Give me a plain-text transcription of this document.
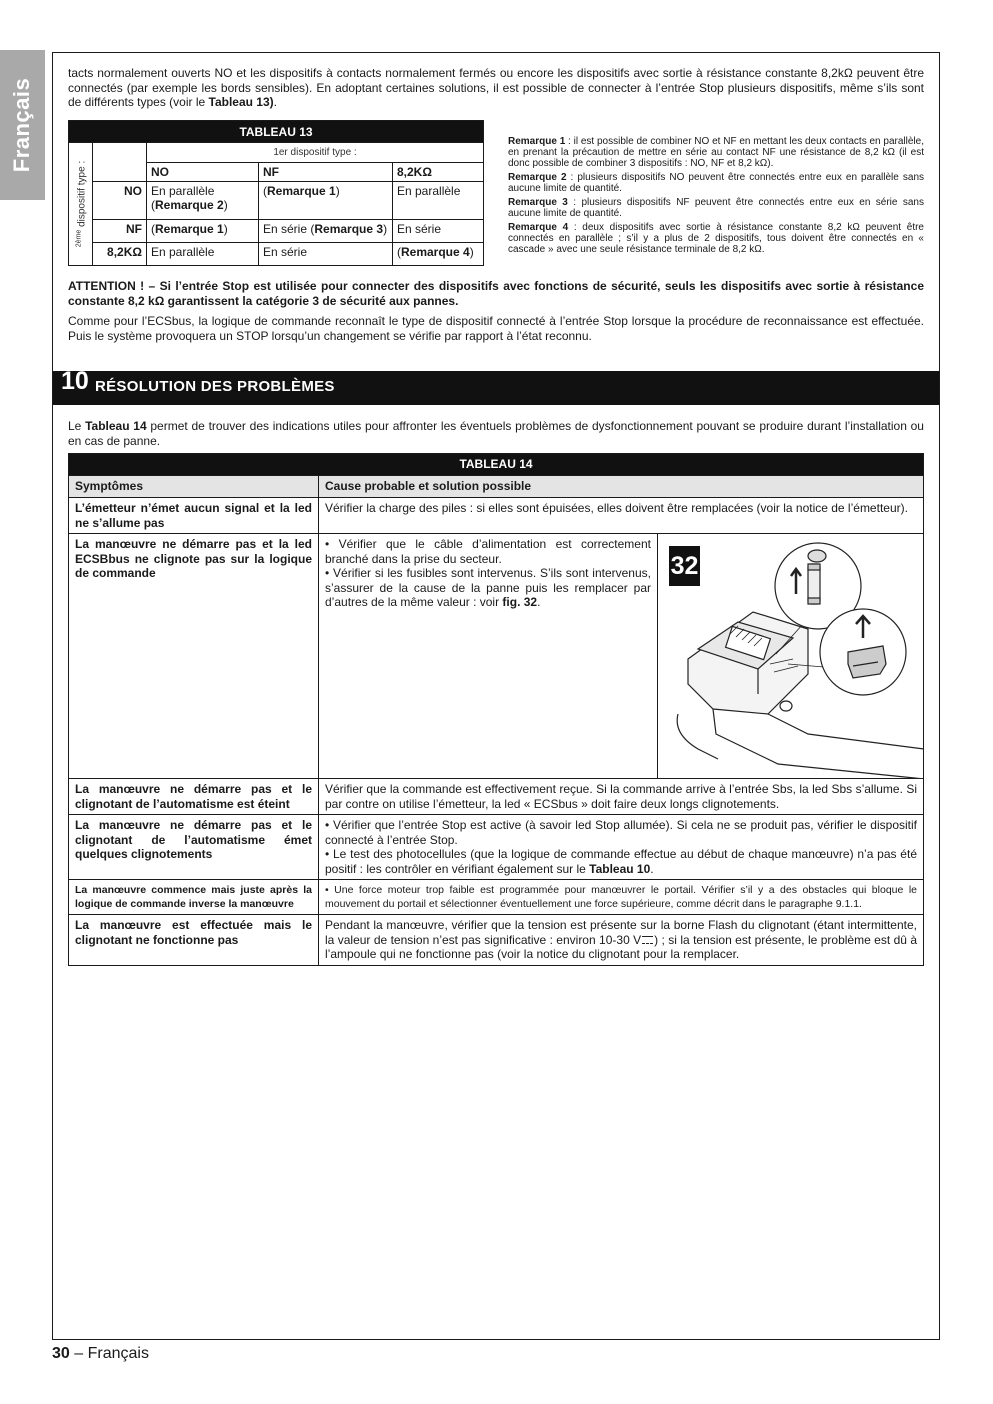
Français

tacts normalement ouverts NO et les dispositifs à contacts normalement fermés ou encore les dispositifs avec sortie à résistance constante 8,2kΩ peuvent être connectés (par exemple les bords sensibles). En adoptant certaines solutions, il est possible de connecter à l’entrée Stop plusieurs dispositifs, même s’ils sont de différents types (voir le Tableau 13).

TABLEAU 13				

$^{2ème}$ dispositif type :		1er dispositif type :		
		NO	NF	8,2KΩ
	NO	En parallèle (Remarque 2)	(Remarque 1)	En parallèle
	NF	(Remarque 1)	En série (Remarque 3)	En série
	8,2KΩ	En parallèle	En série	(Remarque 4)

Remarque 1 : il est possible de combiner NO et NF en mettant les deux contacts en parallèle, en prenant la précaution de mettre en série au contact NF une résistance de 8,2 kΩ (il est donc possible de combiner 3 dispositifs : NO, NF et 8,2 kΩ).

Remarque 2 : plusieurs dispositifs NO peuvent être connectés entre eux en parallèle sans aucune limite de quantité.

Remarque 3 : plusieurs dispositifs NF peuvent être connectés entre eux en série sans aucune limite de quantité.

Remarque 4 : deux dispositifs avec sortie à résistance constante 8,2 kΩ peuvent être connectés en parallèle ; s’il y a plus de 2 dispositifs, tous doivent être connectés en « cascade » avec une seule résistance terminale de 8,2 kΩ.

ATTENTION ! – Si l’entrée Stop est utilisée pour connecter des dispositifs avec fonctions de sécurité, seuls les dispositifs avec sortie à résistance constante 8,2 kΩ garantissent la catégorie 3 de sécurité aux pannes.

Comme pour l’ECSbus, la logique de commande reconnaît le type de dispositif connecté à l’entrée Stop lorsque la procédure de reconnaissance est effectuée. Puis le système provoquera un STOP lorsqu’un changement se vérifie par rapport à l’état reconnu.

10 RÉSOLUTION DES PROBLÈMES

Le Tableau 14 permet de trouver des indications utiles pour affronter les éventuels problèmes de dysfonctionnement pouvant se produire durant l’installation ou en cas de panne.

TABLEAU 14		
Symptômes	Cause probable et solution possible	
L’émetteur n’émet aucun signal et la led ne s’allume pas	Vérifier la charge des piles : si elles sont épuisées, elles doivent être remplacées (voir la notice de l’émetteur).	
La manœuvre ne démarre pas et la led ECSBbus ne clignote pas sur la logique de commande	• Vérifier que le câble d’alimentation est correctement branché dans la prise du secteur.
• Vérifier si les fusibles sont intervenus. S’ils sont intervenus, s’assurer de la cause de la panne puis les remplacer par d’autres de la même valeur : voir fig. 32.	32

La manœuvre ne démarre pas et le clignotant de l’automatisme est éteint	Vérifier que la commande est effectivement reçue. Si la commande arrive à l’entrée Sbs, la led Sbs s’allume. Si par contre on utilise l’émetteur, la led « ECSbus » doit faire deux longs clignotements.	
La manœuvre ne démarre pas et le clignotant de l’automatisme émet quelques clignotements	• Vérifier que l’entrée Stop est active (à savoir led Stop allumée). Si cela ne se produit pas, vérifier le dispositif connecté à l’entrée Stop.
• Le test des photocellules (que la logique de commande effectue au début de chaque manœuvre) n’a pas été positif : les contrôler en vérifiant également sur le Tableau 10.	

La manœuvre commence mais juste après la logique de commande inverse la manœuvre	• Une force moteur trop faible est programmée pour manœuvrer le portail. Vérifier s’il y a des obstacles qui bloque le mouvement du portail et sélectionner éventuellement une force supérieure, comme décrit dans le paragraphe 9.1.1.	
La manœuvre est effectuée mais le clignotant ne fonctionne pas	Pendant la manœuvre, vérifier que la tension est présente sur la borne Flash du clignotant (étant intermittente, la valeur de tension n’est pas significative : environ 10-30 V ) ; si la tension est présente, le problème est dû à l’ampoule qui ne fonctionne pas (voir la notice du clignotant pour la remplacer.	
30 – Français
